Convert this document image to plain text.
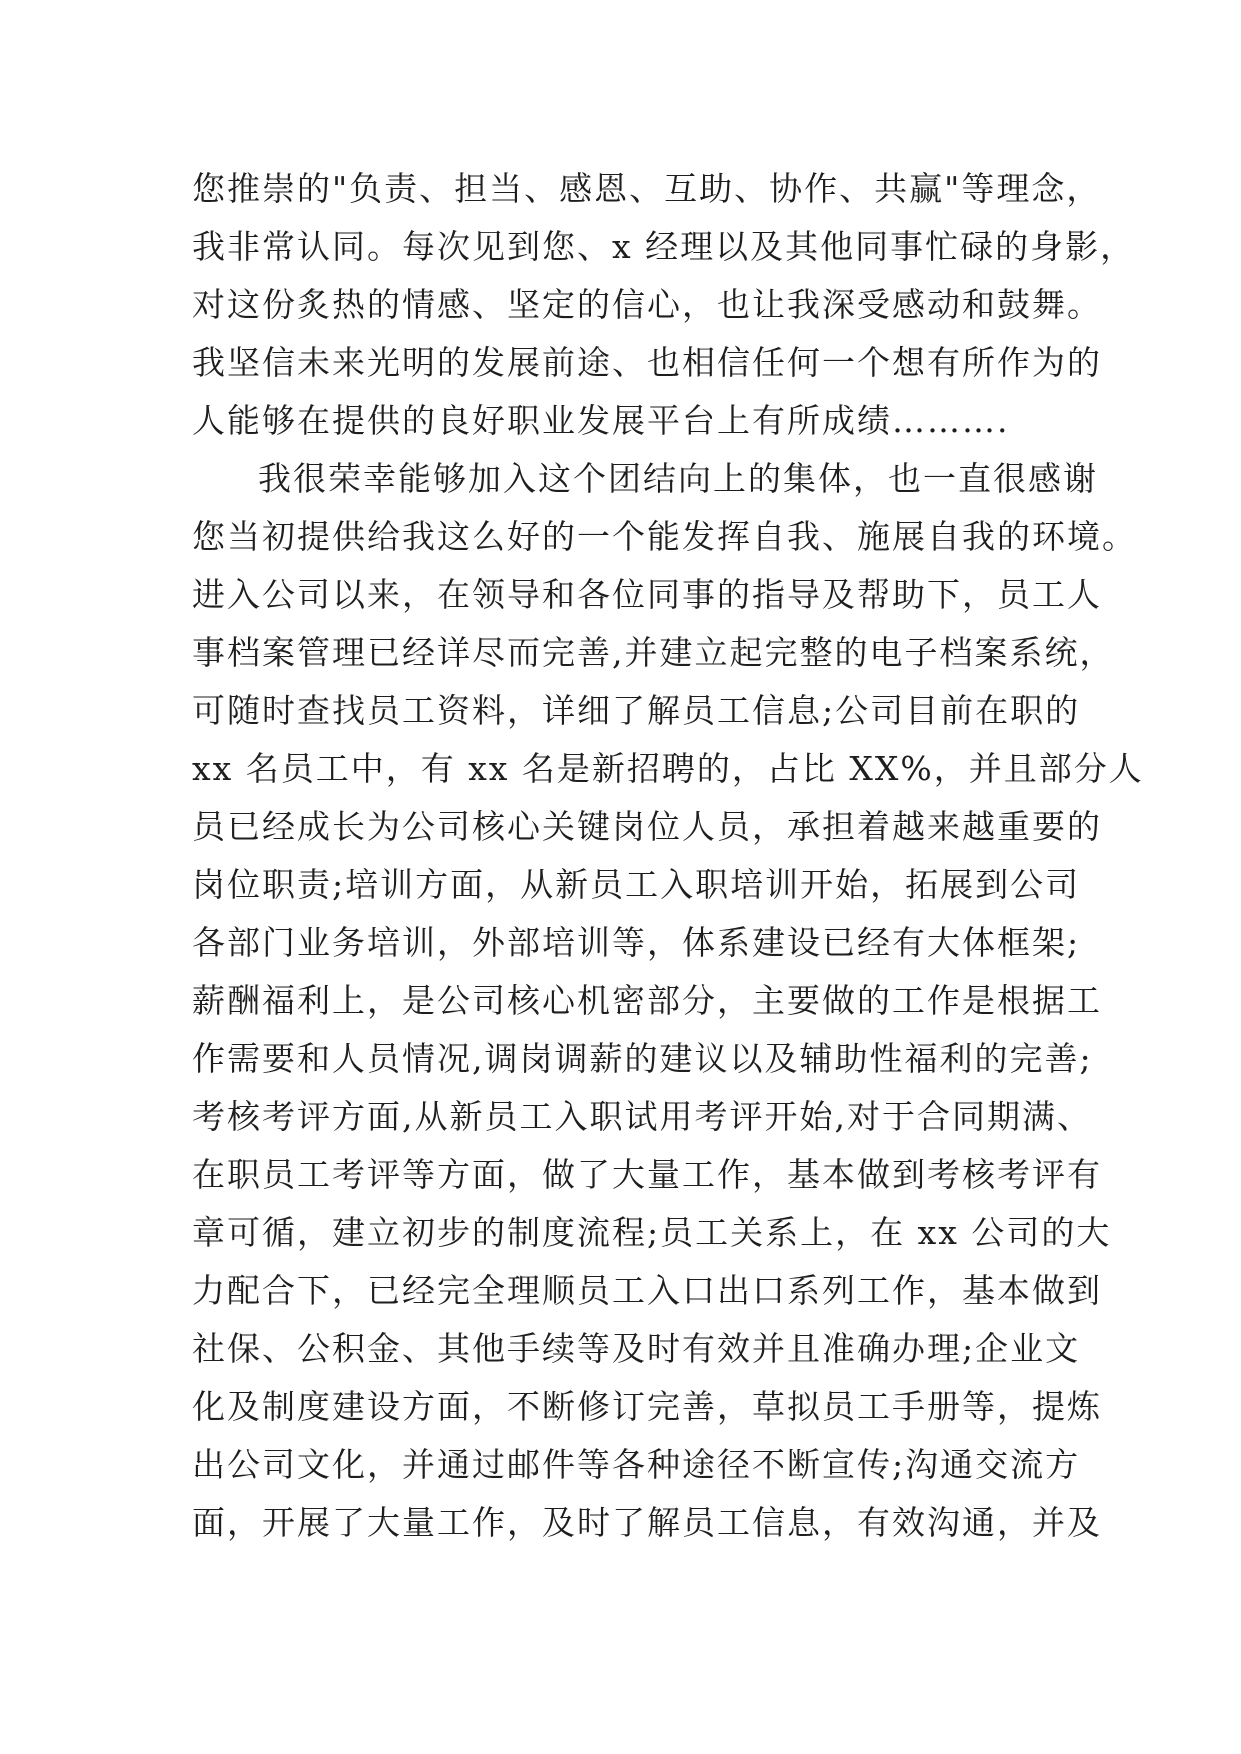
您推崇的"负责、担当、感恩、互助、协作、共赢"等理念，
我非常认同。每次见到您、x 经理以及其他同事忙碌的身影，
对这份炙热的情感、坚定的信心，也让我深受感动和鼓舞。
我坚信未来光明的发展前途、也相信任何一个想有所作为的
人能够在提供的良好职业发展平台上有所成绩……….
我很荣幸能够加入这个团结向上的集体，也一直很感谢
您当初提供给我这么好的一个能发挥自我、施展自我的环境。
进入公司以来，在领导和各位同事的指导及帮助下，员工人
事档案管理已经详尽而完善,并建立起完整的电子档案系统，
可随时查找员工资料，详细了解员工信息;公司目前在职的
xx 名员工中，有 xx 名是新招聘的，占比 XX%，并且部分人
员已经成长为公司核心关键岗位人员，承担着越来越重要的
岗位职责;培训方面，从新员工入职培训开始，拓展到公司
各部门业务培训，外部培训等，体系建设已经有大体框架;
薪酬福利上，是公司核心机密部分，主要做的工作是根据工
作需要和人员情况,调岗调薪的建议以及辅助性福利的完善;
考核考评方面,从新员工入职试用考评开始,对于合同期满、
在职员工考评等方面，做了大量工作，基本做到考核考评有
章可循，建立初步的制度流程;员工关系上，在 xx 公司的大
力配合下，已经完全理顺员工入口出口系列工作，基本做到
社保、公积金、其他手续等及时有效并且准确办理;企业文
化及制度建设方面，不断修订完善，草拟员工手册等，提炼
出公司文化，并通过邮件等各种途径不断宣传;沟通交流方
面，开展了大量工作，及时了解员工信息，有效沟通，并及
